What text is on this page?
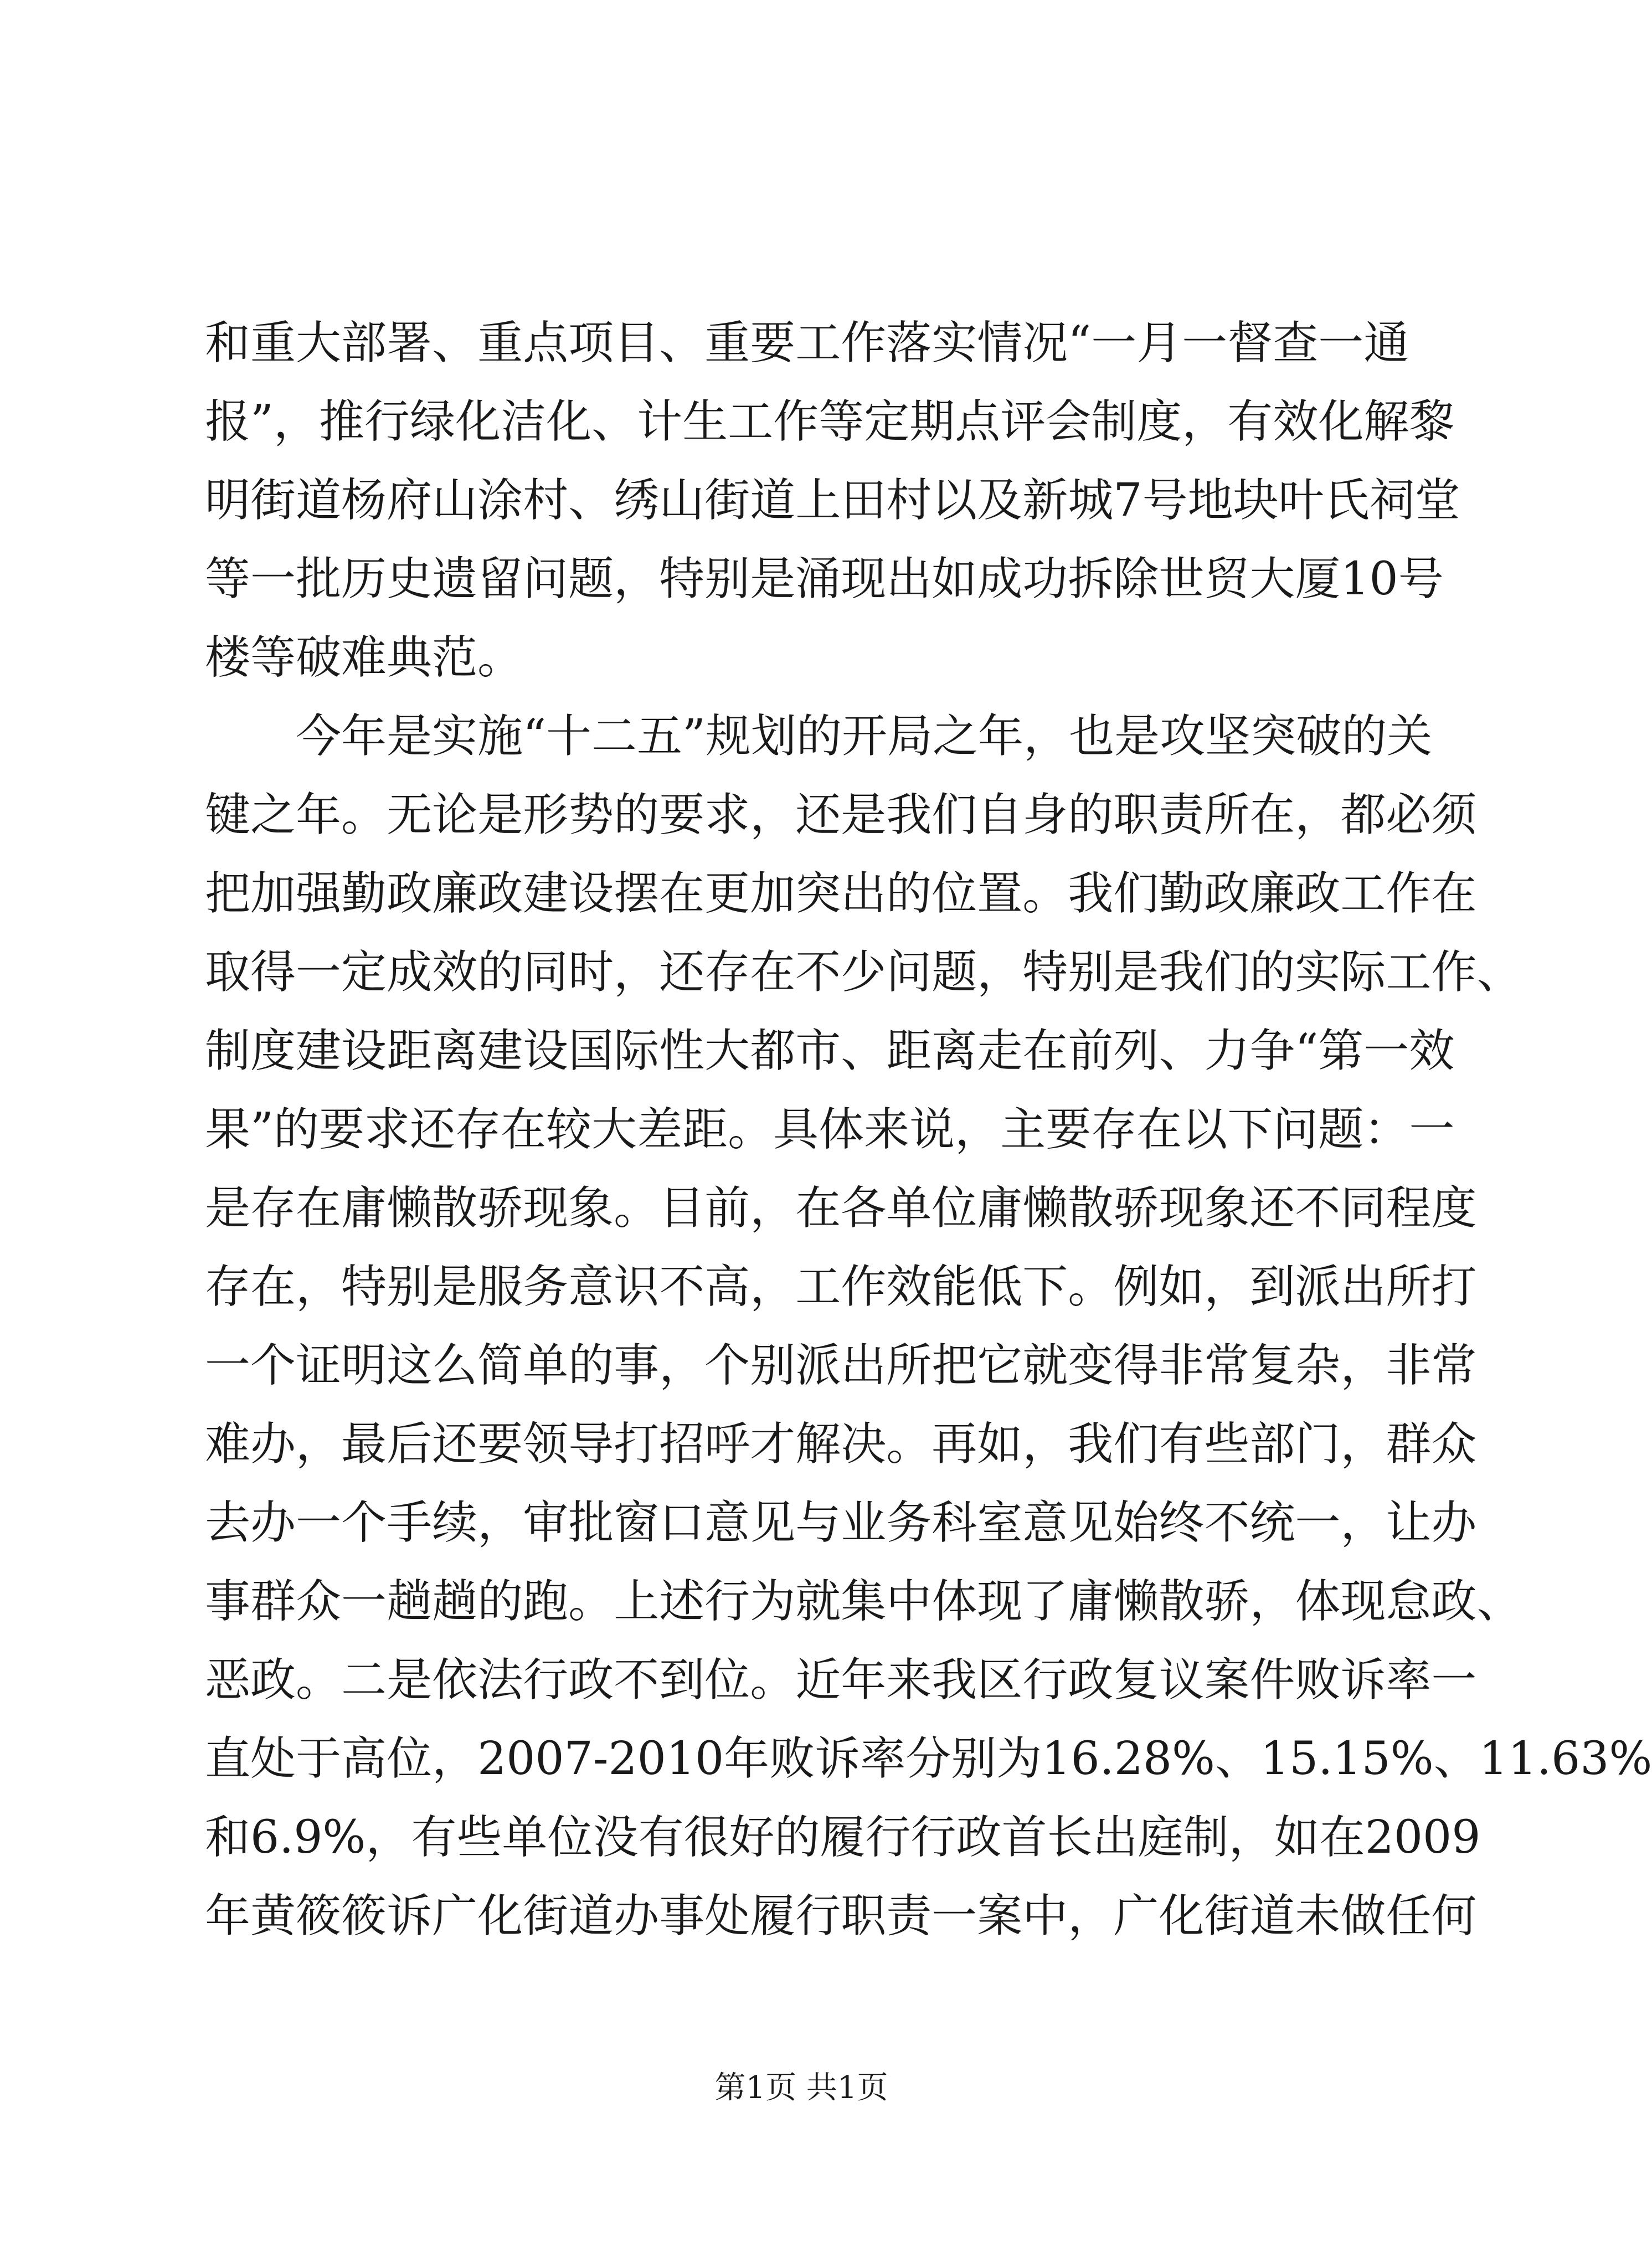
和 重 大 部 署 、 重 点 项 目 、 重 要 工 作 落 实 情 况 “ 一 月 一 督 查 一 通
报 ” ， 推 行 绿 化 洁 化 、 计 生 工 作 等 定 期 点 评 会 制 度 ， 有 效 化 解 黎
明 街 道 杨 府 山 涂 村 、 绣 山 街 道 上 田 村 以 及 新 城 7 号 地 块 叶 氏 祠 堂
等 一 批 历 史 遗 留 问 题 ， 特 别 是 涌 现 出 如 成 功 拆 除 世 贸 大 厦 10 号
楼等破难典范。
今 年 是 实 施 “ 十 二 五 ” 规 划 的 开 局 之 年 ， 也 是 攻 坚 突 破 的 关
键 之 年 。 无 论 是 形 势 的 要 求 ， 还 是 我 们 自 身 的 职 责 所 在 ， 都 必 须
把 加 强 勤 政 廉 政 建 设 摆 在 更 加 突 出 的 位 置 。 我 们 勤 政 廉 政 工 作 在
取 得 一 定 成 效 的 同 时 ， 还 存 在 不 少 问 题 ， 特 别 是 我 们 的 实 际 工 作 、
制 度 建 设 距 离 建 设 国 际 性 大 都 市 、 距 离 走 在 前 列 、 力 争 “ 第 一 效
果 ” 的 要 求 还 存 在 较 大 差 距 。 具 体 来 说 ， 主 要 存 在 以 下 问 题 ： 一
是 存 在 庸 懒 散 骄 现 象 。 目 前 ， 在 各 单 位 庸 懒 散 骄 现 象 还 不 同 程 度
存 在 ， 特 别 是 服 务 意 识 不 高 ， 工 作 效 能 低 下 。 例 如 ， 到 派 出 所 打
一 个 证 明 这 么 简 单 的 事 ， 个 别 派 出 所 把 它 就 变 得 非 常 复 杂 ， 非 常
难 办 ， 最 后 还 要 领 导 打 招 呼 才 解 决 。 再 如 ， 我 们 有 些 部 门 ， 群 众
去 办 一 个 手 续 ， 审 批 窗 口 意 见 与 业 务 科 室 意 见 始 终 不 统 一 ， 让 办
事 群 众 一 趟 趟 的 跑 。 上 述 行 为 就 集 中 体 现 了 庸 懒 散 骄 ， 体 现 怠 政 、
恶 政 。 二 是 依 法 行 政 不 到 位 。 近 年 来 我 区 行 政 复 议 案 件 败 诉 率 一
直 处 于 高 位 ， 2007-2010 年 败 诉 率 分 别 为 16.28% 、 15.15% 、 11.63%
和 6.9% ， 有 些 单 位 没 有 很 好 的 履 行 行 政 首 长 出 庭 制 ， 如 在 2009
年 黄 筱 筱 诉 广 化 街 道 办 事 处 履 行 职 责 一 案 中 ， 广 化 街 道 未 做 任 何
第1页 共1页
